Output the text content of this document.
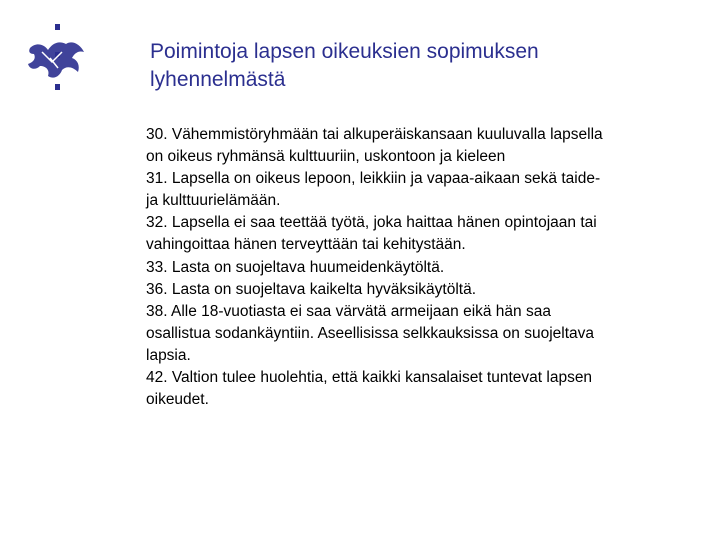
Poimintoja lapsen oikeuksien sopimuksen
lyhennelmästä

30. Vähemmistöryhmään tai alkuperäiskansaan kuuluvalla lapsella
on oikeus ryhmänsä kulttuuriin, uskontoon ja kieleen
31. Lapsella on oikeus lepoon, leikkiin ja vapaa-aikaan sekä taide-
ja kulttuurielämään.
32. Lapsella ei saa teettää työtä, joka haittaa hänen opintojaan tai
vahingoittaa hänen terveyttään tai kehitystään.
33. Lasta on suojeltava huumeidenkäytöltä.
36. Lasta on suojeltava kaikelta hyväksikäytöltä.
38. Alle 18-vuotiasta ei saa värvätä armeijaan eikä hän saa
osallistua sodankäyntiin. Aseellisissa selkkauksissa on suojeltava
lapsia.
42. Valtion tulee huolehtia, että kaikki kansalaiset tuntevat lapsen
oikeudet.
